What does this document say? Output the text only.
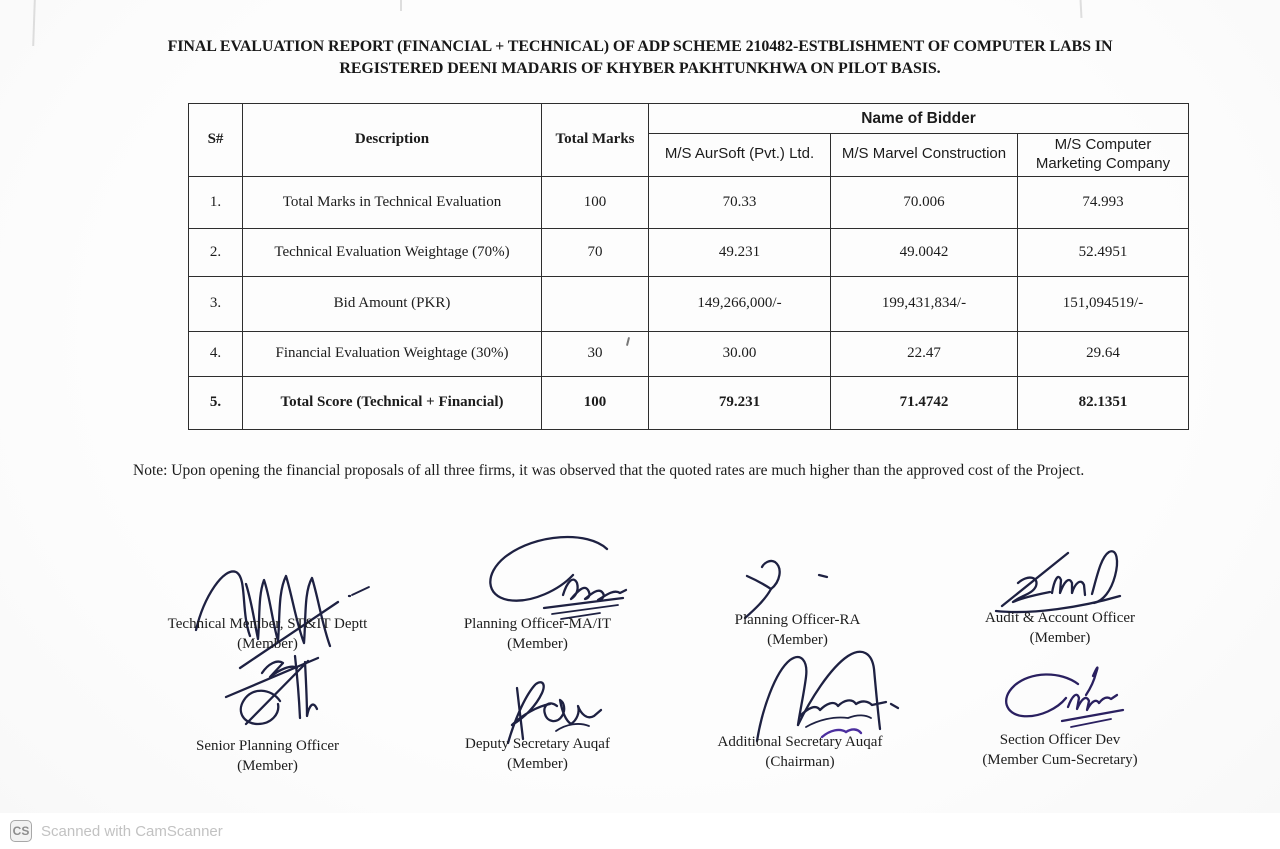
FINAL EVALUATION REPORT (FINANCIAL + TECHNICAL) OF ADP SCHEME 210482-ESTBLISHMENT OF COMPUTER LABS IN
REGISTERED DEENI MADARIS OF KHYBER PAKHTUNKHWA ON PILOT BASIS.
S#	Description	Total Marks	Name of Bidder		
			M/S AurSoft (Pvt.) Ltd.	M/S Marvel Construction	M/S Computer Marketing Company
1.	Total Marks in Technical Evaluation	100	70.33	70.006	74.993
2.	Technical Evaluation Weightage (70%)	70	49.231	49.0042	52.4951
3.	Bid Amount (PKR)		149,266,000/-	199,431,834/-	151,094519/-
4.	Financial Evaluation Weightage (30%)	30	30.00	22.47	29.64
5.	Total Score (Technical + Financial)	100	79.231	71.4742	82.1351
Note: Upon opening the financial proposals of all three firms, it was observed that the quoted rates are much higher than the approved cost of the Project.
Technical Member, ST&IT Deptt
(Member)
Planning Officer-MA/IT
(Member)
Planning Officer-RA
(Member)
Audit & Account Officer
(Member)
Senior Planning Officer
(Member)
Deputy Secretary Auqaf
(Member)
Additional Secretary Auqaf
(Chairman)
Section Officer Dev
(Member Cum-Secretary)
CS Scanned with CamScanner
